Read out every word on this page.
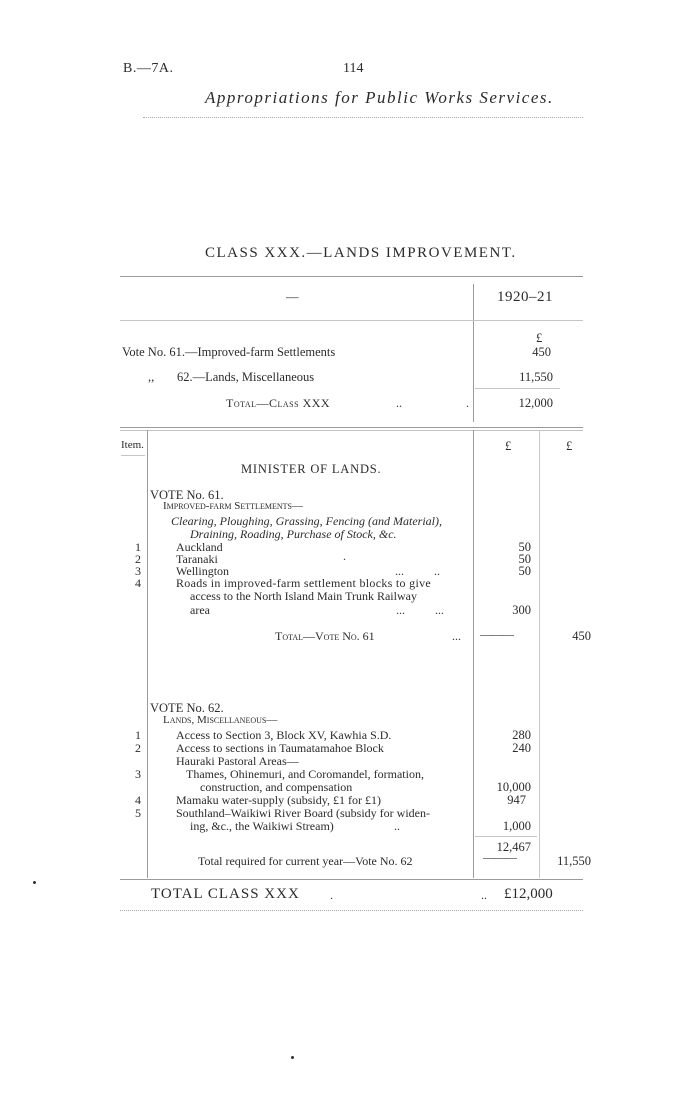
B.—7A.	114
Appropriations for Public Works Services.
CLASS XXX.—LANDS IMPROVEMENT.
—	1920–21
£
Vote No. 61.—Improved-farm Settlements	450
,, 62.—Lands, Miscellaneous	11,550
Total—Class XXX	..	.	12,000
Item.	£	£
MINISTER OF LANDS.
VOTE No. 61.
Improved-farm Settlements—
Clearing, Ploughing, Grassing, Fencing (and Material),
Draining, Roading, Purchase of Stock, &c.
1	Auckland	50
2	Taranaki	.	50
3	Wellington	...          ..	50
4	Roads in improved-farm settlement blocks to give
access to the North Island Main Trunk Railway
area	...          ...	300
Total—Vote No. 61	... ———	450
VOTE No. 62.
Lands, Miscellaneous—
1	Access to Section 3, Block XV, Kawhia S.D.	280
2	Access to sections in Taumatamahoe Block	240
Hauraki Pastoral Areas—
3	Thames, Ohinemuri, and Coromandel, formation,
construction, and compensation	10,000
4	Mamaku water-supply (subsidy, £1 for £1)	947
5	Southland–Waikiwi River Board (subsidy for widen-
ing, &c., the Waikiwi Stream)	..	1,000
12,467
Total required for current year—Vote No. 62	———	11,550
TOTAL CLASS XXX	.	.. £12,000
